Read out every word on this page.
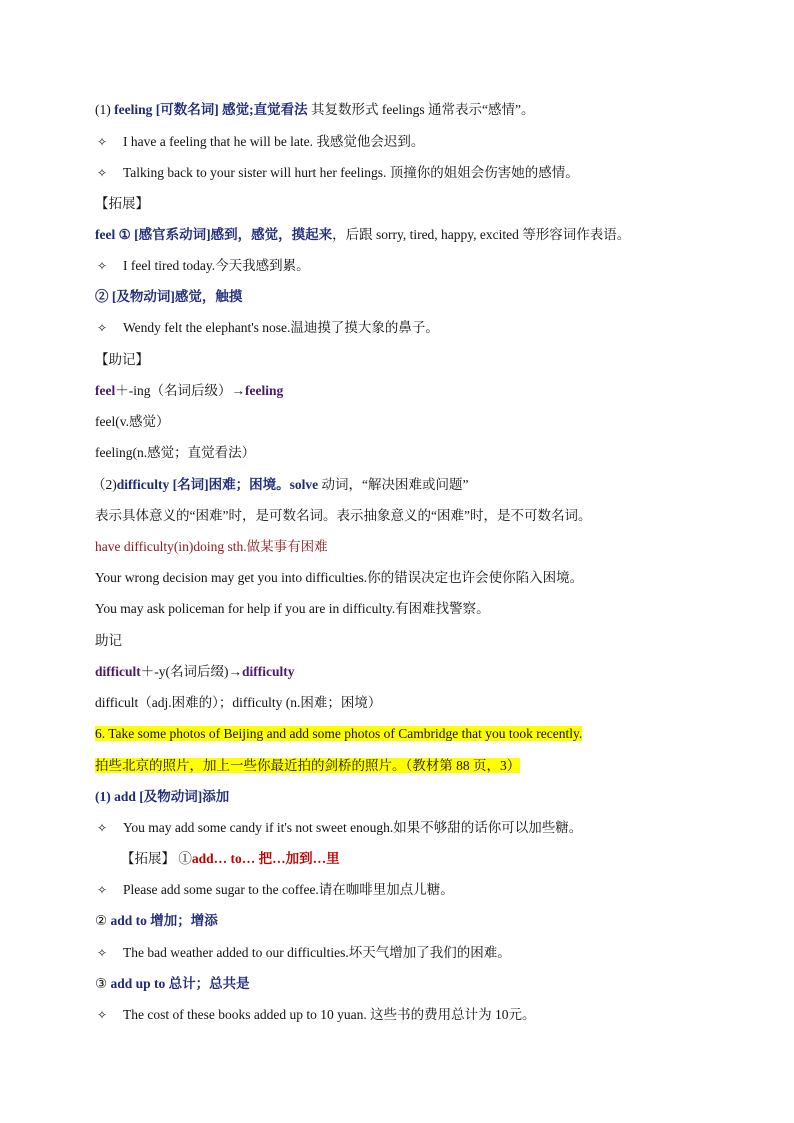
(1) feeling [可数名词] 感觉;直觉看法 其复数形式 feelings 通常表示“感情”。
✧ I have a feeling that he will be late. 我感觉他会迟到。
✧ Talking back to your sister will hurt her feelings. 顶撞你的姐姐会伤害她的感情。
【拓展】
feel ① [感官系动词]感到，感觉，摸起来，后跟 sorry, tired, happy, excited 等形容词作表语。
✧ I feel tired today.今天我感到累。
② [及物动词]感觉，触摸
✧ Wendy felt the elephant's nose.温迪摸了摸大象的鼻子。
【助记】
feel＋-ing（名词后级）→feeling
feel(v.感觉）
feeling(n.感觉；直觉看法）
（2)difficulty [名词]困难；困境。solve 动词，“解决困难或问题”
表示具体意义的“困难”时，是可数名词。表示抽象意义的“困难”时，是不可数名词。
have difficulty(in)doing sth.做某事有困难
Your wrong decision may get you into difficulties.你的错误决定也许会使你陷入困境。
You may ask policeman for help if you are in difficulty.有困难找警察。
助记
difficult＋-y(名词后缀)→difficulty
difficult（adj.困难的）；difficulty (n.困难；困境）
6. Take some photos of Beijing and add some photos of Cambridge that you took recently.
拍些北京的照片，加上一些你最近拍的剑桥的照片。（教材第 88 页，3）
(1) add [及物动词]添加
✧ You may add some candy if it's not sweet enough.如果不够甜的话你可以加些糖。
【拓展】 ①add… to… 把…加到…里
✧ Please add some sugar to the coffee.请在咖啡里加点儿糖。
② add to 增加；增添
✧ The bad weather added to our difficulties.坏天气增加了我们的困难。
③ add up to 总计；总共是
✧ The cost of these books added up to 10 yuan. 这些书的费用总计为 10元。
